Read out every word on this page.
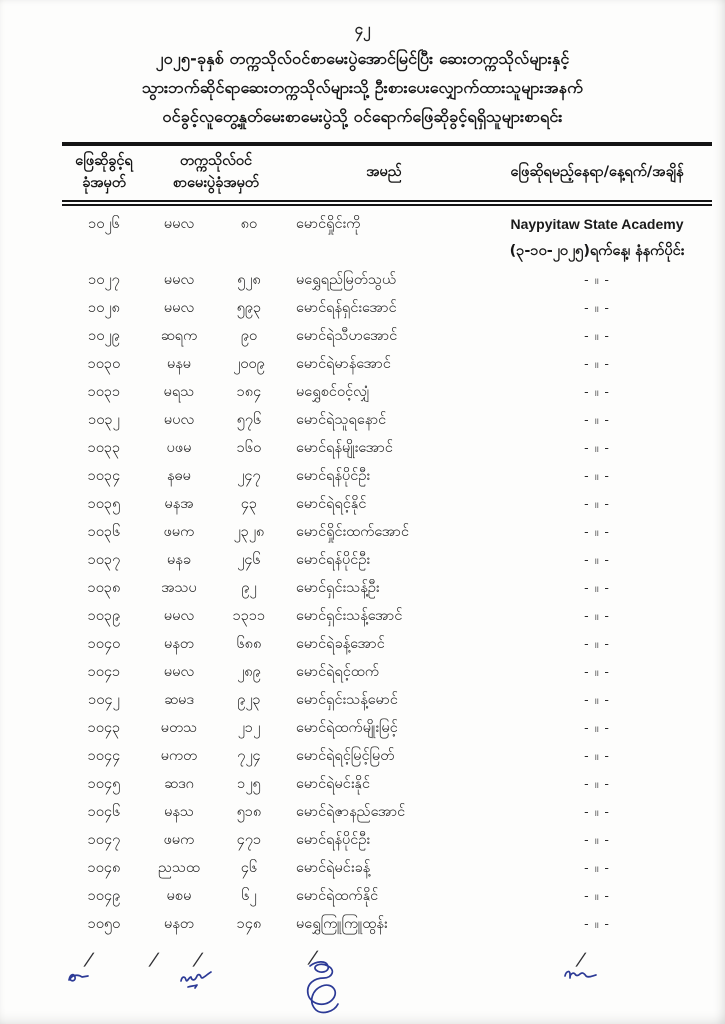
၄၂
၂၀၂၅-ခုနှစ် တက္ကသိုလ်ဝင်စာမေးပွဲအောင်မြင်ပြီး ဆေးတက္ကသိုလ်များနှင့်
သွားဘက်ဆိုင်ရာဆေးတက္ကသိုလ်များသို့ ဦးစားပေးလျှောက်ထားသူများအနက်
ဝင်ခွင့်လူတွေ့နှုတ်မေးစာမေးပွဲသို့ ဝင်ရောက်ဖြေဆိုခွင့်ရရှိသူများစာရင်း
ဖြေဆိုခွင့်ရ
ခုံအမှတ်

တက္ကသိုလ်ဝင်
စာမေးပွဲခုံအမှတ်
	အမည်	ဖြေဆိုရမည့်နေရာ/နေ့ရက်/အချိန်
၁၀၂၆	မမလ	၈၀	မောင်ရှိုင်းကို	Naypyitaw State Academy
(၃-၁၀-၂၀၂၅)ရက်နေ့၊ နံနက်ပိုင်း

၁၀၂၇	မမလ	၅၂၈	မရွှေရည်မြတ်သွယ်	- ။ -
၁၀၂၈	မမလ	၅၉၃	မောင်ရန်ရှင်းအောင်	- ။ -
၁၀၂၉	ဆရက	၉၀	မောင်ရဲသီဟအောင်	- ။ -
၁၀၃၀	မနမ	၂၀၀၉	မောင်ရဲမာန်အောင်	- ။ -
၁၀၃၁	မရသ	၁၈၄	မရွှေစင်ဝင့်လျှံ	- ။ -
၁၀၃၂	မပလ	၅၇၆	မောင်ရဲသူရနောင်	- ။ -
၁၀၃၃	ပဖမ	၁၆၀	မောင်ရန်မျိုးအောင်	- ။ -
၁၀၃၄	နဓမ	၂၄၇	မောင်ရန်ပိုင်ဦး	- ။ -
၁၀၃၅	မနအ	၄၃	မောင်ရဲရင့်နိုင်	- ။ -
၁၀၃၆	ဖမက	၂၃၂၈	မောင်ရှိုင်းထက်အောင်	- ။ -
၁၀၃၇	မနခ	၂၄၆	မောင်ရန်ပိုင်ဦး	- ။ -
၁၀၃၈	အသပ	၉၂	မောင်ရှင်းသန့်ဦး	- ။ -
၁၀၃၉	မမလ	၁၃၁၁	မောင်ရှင်းသန့်အောင်	- ။ -
၁၀၄၀	မနတ	၆၈၈	မောင်ရဲခန့်အောင်	- ။ -
၁၀၄၁	မမလ	၂၈၉	မောင်ရဲရင့်ထက်	- ။ -
၁၀၄၂	ဆမဒ	၉၂၃	မောင်ရှင်းသန့်မောင်	- ။ -
၁၀၄၃	မတသ	၂၁၂	မောင်ရဲထက်မျိုးမြင့်	- ။ -
၁၀၄၄	မကတ	၇၂၄	မောင်ရဲရင့်မြင့်မြတ်	- ။ -
၁၀၄၅	ဆဒဂ	၁၂၅	မောင်ရဲမင်းနိုင်	- ။ -
၁၀၄၆	မနသ	၅၁၈	မောင်ရဲဇာနည်အောင်	- ။ -
၁၀၄၇	ဖမက	၄၇၁	မောင်ရန်ပိုင်ဦး	- ။ -
၁၀၄၈	ညသထ	၄၆	မောင်ရဲမင်းခန့်	- ။ -
၁၀၄၉	မစမ	၆၂	မောင်ရဲထက်နိုင်	- ။ -
၁၀၅၀	မနတ	၁၄၈	မရွှေကြူကြူထွန်း	- ။ -
/	/ /	/	/
